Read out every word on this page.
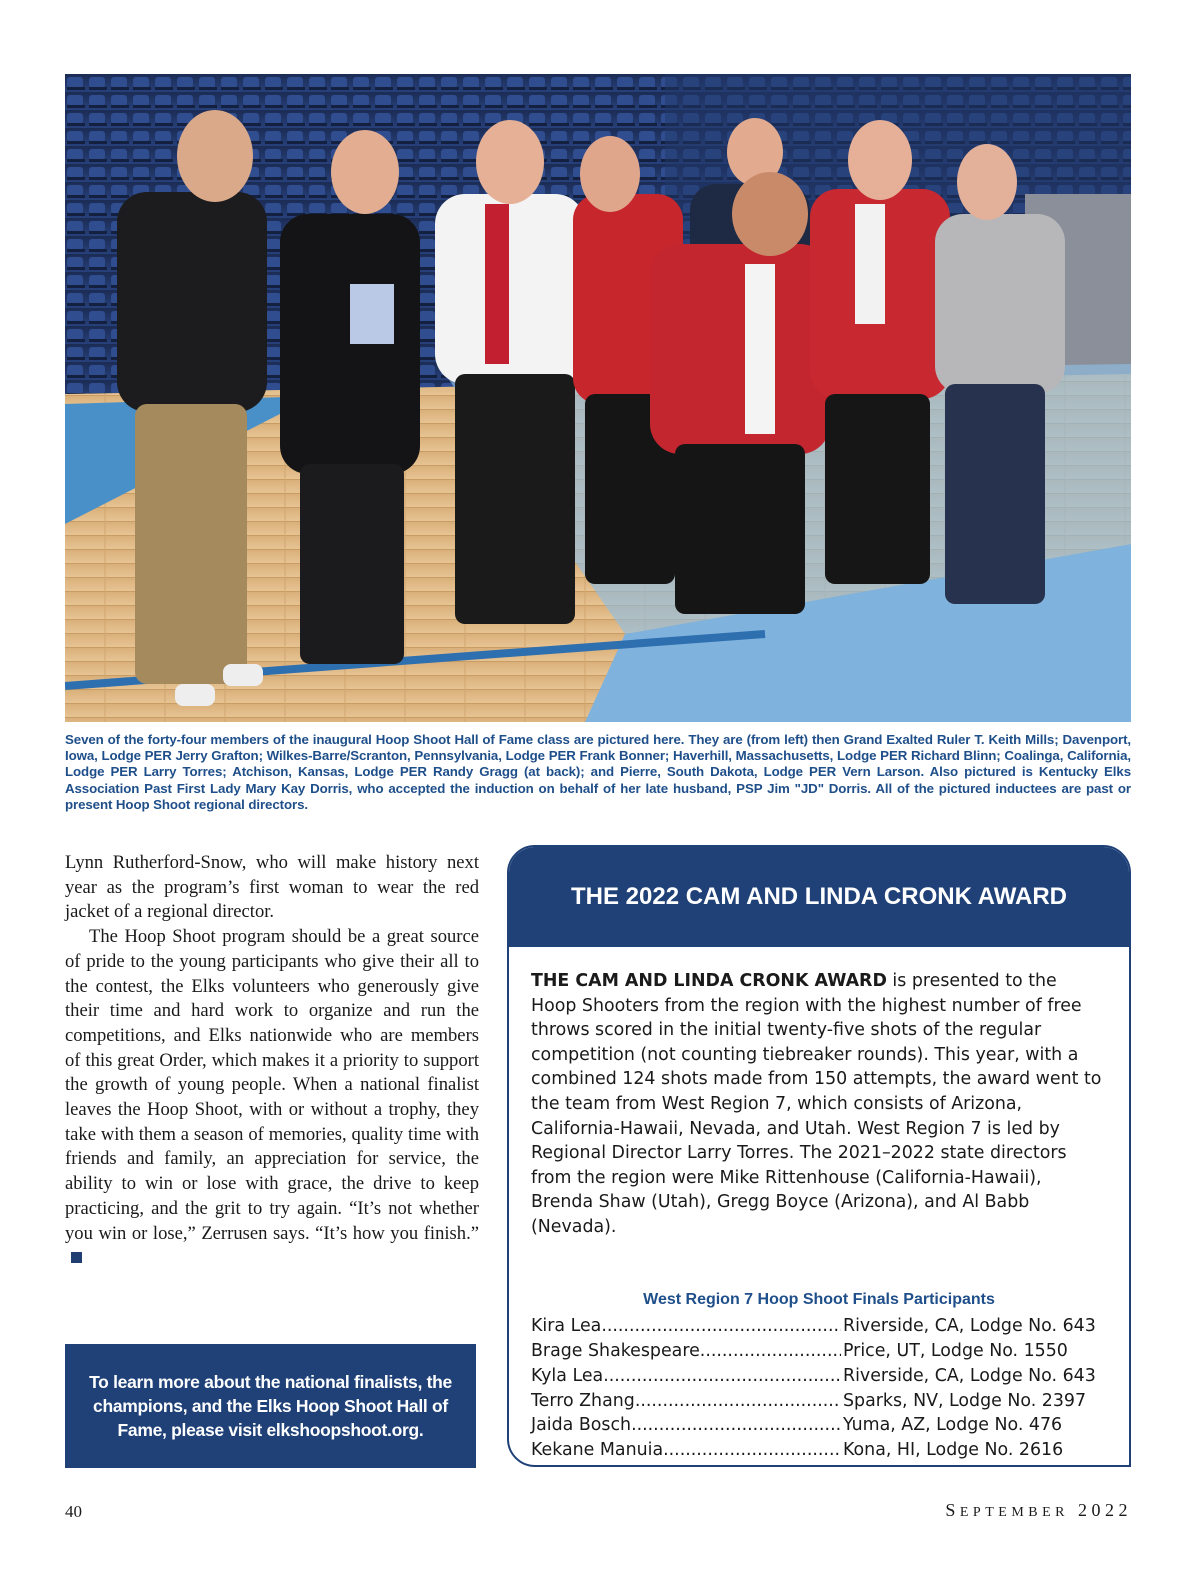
Seven of the forty-four members of the inaugural Hoop Shoot Hall of Fame class are pictured here. They are (from left) then Grand Exalted Ruler T. Keith Mills; Davenport, Iowa, Lodge PER Jerry Grafton; Wilkes-Barre/Scranton, Pennsylvania, Lodge PER Frank Bonner; Haverhill, Massachusetts, Lodge PER Richard Blinn; Coalinga, California, Lodge PER Larry Torres; Atchison, Kansas, Lodge PER Randy Gragg (at back); and Pierre, South Dakota, Lodge PER Vern Larson. Also pictured is Kentucky Elks Association Past First Lady Mary Kay Dorris, who accepted the induction on behalf of her late husband, PSP Jim "JD" Dorris. All of the pictured inductees are past or present Hoop Shoot regional directors.

Lynn Rutherford-Snow, who will make history next year as the program’s first woman to wear the red jacket of a regional director.

The Hoop Shoot program should be a great source of pride to the young participants who give their all to the contest, the Elks volunteers who generously give their time and hard work to organize and run the competitions, and Elks nationwide who are members of this great Order, which makes it a priority to support the growth of young people. When a national finalist leaves the Hoop Shoot, with or without a trophy, they take with them a season of memories, quality time with friends and family, an appreciation for service, the ability to win or lose with grace, the drive to keep practicing, and the grit to try again. “It’s not whether you win or lose,” Zerrusen says. “It’s how you finish.”

To learn more about the national finalists, the champions, and the Elks Hoop Shoot Hall of Fame, please visit elkshoopshoot.org.
THE 2022 CAM AND LINDA CRONK AWARD

THE CAM AND LINDA CRONK AWARD is presented to the Hoop Shooters from the region with the highest number of free throws scored in the initial twenty-five shots of the regular competition (not counting tiebreaker rounds). This year, with a combined 124 shots made from 150 attempts, the award went to the team from West Region 7, which consists of Arizona, California-Hawaii, Nevada, and Utah. West Region 7 is led by Regional Director Larry Torres. The 2021–2022 state directors from the region were Mike Rittenhouse (California-Hawaii), Brenda Shaw (Utah), Gregg Boyce (Arizona), and Al Babb (Nevada).

West Region 7 Hoop Shoot Finals Participants
Kira Lea .....	Riverside, CA, Lodge No. 643
Brage Shakespeare .....	Price, UT, Lodge No. 1550
Kyla Lea .....	Riverside, CA, Lodge No. 643
Terro Zhang .....	Sparks, NV, Lodge No. 2397
Jaida Bosch .....	Yuma, AZ, Lodge No. 476
Kekane Manuia .....	Kona, HI, Lodge No. 2616
40	SEPTEMBER 2022
